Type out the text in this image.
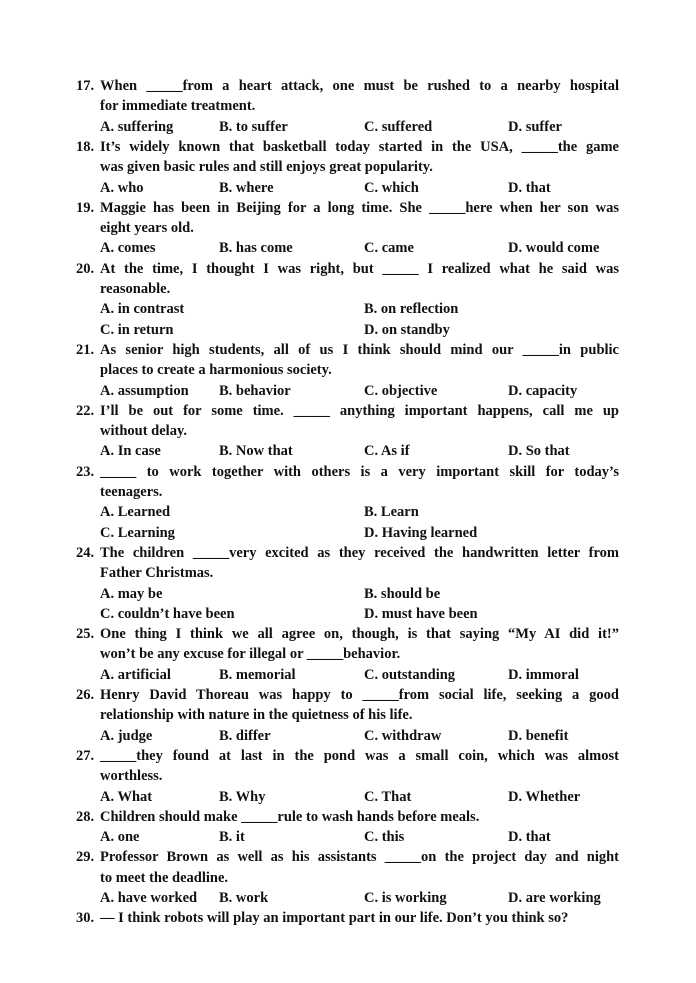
17. When _____from a heart attack, one must be rushed to a nearby hospital
for immediate treatment.
A. suffering	B. to suffer	C. suffered	D. suffer
18. It’s widely known that basketball today started in the USA, _____the game
was given basic rules and still enjoys great popularity.
A. who	B. where	C. which	D. that
19. Maggie has been in Beijing for a long time. She _____here when her son was
eight years old.
A. comes	B. has come	C. came	D. would come
20. At the time, I thought I was right, but _____ I realized what he said was
reasonable.
A. in contrast	B. on reflection
C. in return	D. on standby
21. As senior high students, all of us I think should mind our _____in public
places to create a harmonious society.
A. assumption B. behavior	C. objective	D. capacity
22. I’ll be out for some time. _____ anything important happens, call me up
without delay.
A. In case	B. Now that	C. As if	D. So that
23. _____ to work together with others is a very important skill for today’s
teenagers.
A. Learned	B. Learn
C. Learning	D. Having learned
24. The children _____very excited as they received the handwritten letter from
Father Christmas.
A. may be	B. should be
C. couldn’t have been	D. must have been
25. One thing I think we all agree on, though, is that saying “My AI did it!”
won’t be any excuse for illegal or _____behavior.
A. artificial	B. memorial	C. outstanding	D. immoral
26. Henry David Thoreau was happy to _____from social life, seeking a good
relationship with nature in the quietness of his life.
A. judge	B. differ	C. withdraw	D. benefit
27. _____they found at last in the pond was a small coin, which was almost
worthless.
A. What	B. Why	C. That	D. Whether
28. Children should make _____rule to wash hands before meals.
A. one	B. it	C. this	D. that
29. Professor Brown as well as his assistants _____on the project day and night
to meet the deadline.
A. have worked B. work	C. is working	D. are working
30. — I think robots will play an important part in our life. Don’t you think so?
